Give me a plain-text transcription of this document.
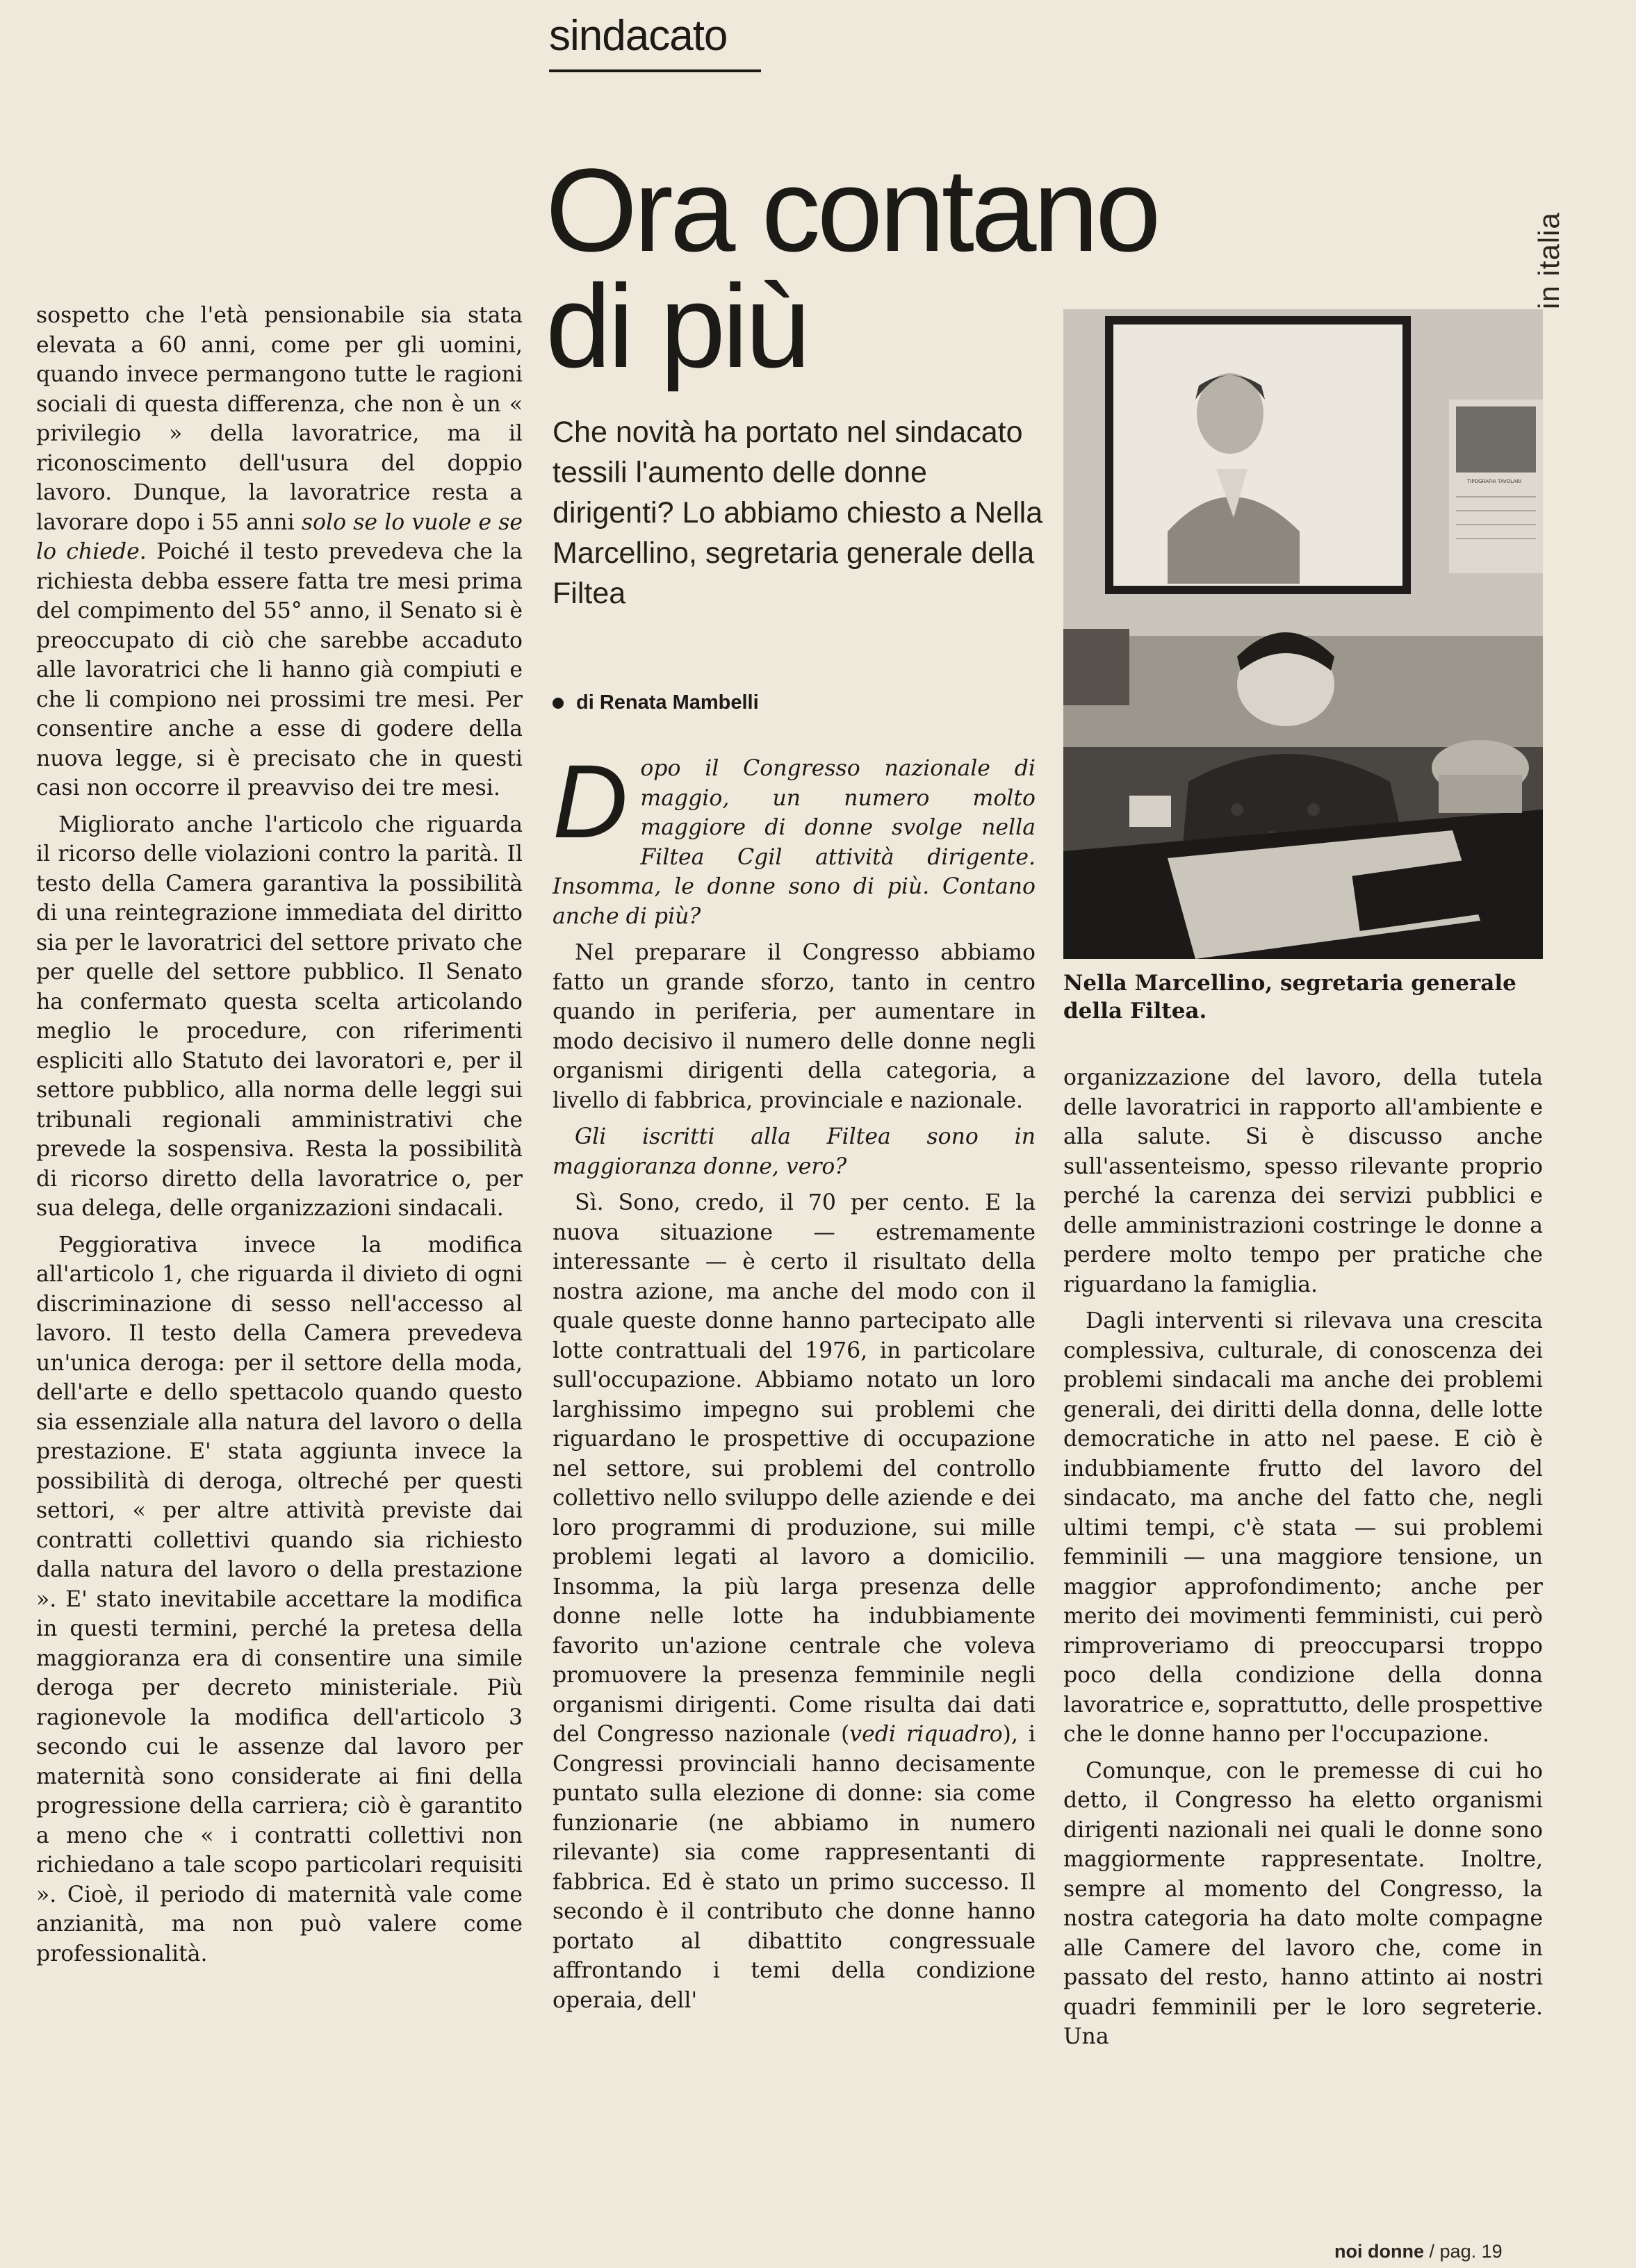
sindacato
Ora contano
di più
Che novità ha portato nel sindacato tessili l'aumento delle donne dirigenti? Lo abbiamo chiesto a Nella Marcellino, segretaria generale della Filtea
di Renata Mambelli
in italia

sospetto che l'età pensionabile sia stata elevata a 60 anni, come per gli uomini, quando invece permangono tutte le ragioni sociali di questa differenza, che non è un « privilegio » della lavoratrice, ma il riconoscimento dell'usura del doppio lavoro. Dunque, la lavoratrice resta a lavorare dopo i 55 anni solo se lo vuole e se lo chiede. Poiché il testo prevedeva che la richiesta debba essere fatta tre mesi prima del compimento del 55° anno, il Senato si è preoccupato di ciò che sarebbe accaduto alle lavoratrici che li hanno già compiuti e che li compiono nei prossimi tre mesi. Per consentire anche a esse di godere della nuova legge, si è precisato che in questi casi non occorre il preavviso dei tre mesi.

Migliorato anche l'articolo che riguarda il ricorso delle violazioni contro la parità. Il testo della Camera garantiva la possibilità di una reintegrazione immediata del diritto sia per le lavoratrici del settore privato che per quelle del settore pubblico. Il Senato ha confermato questa scelta articolando meglio le procedure, con riferimenti espliciti allo Statuto dei lavoratori e, per il settore pubblico, alla norma delle leggi sui tribunali regionali amministrativi che prevede la sospensiva. Resta la possibilità di ricorso diretto della lavoratrice o, per sua delega, delle organizzazioni sindacali.

Peggiorativa invece la modifica all'articolo 1, che riguarda il divieto di ogni discriminazione di sesso nell'accesso al lavoro. Il testo della Camera prevedeva un'unica deroga: per il settore della moda, dell'arte e dello spettacolo quando questo sia essenziale alla natura del lavoro o della prestazione. E' stata aggiunta invece la possibilità di deroga, oltreché per questi settori, « per altre attività previste dai contratti collettivi quando sia richiesto dalla natura del lavoro o della prestazione ». E' stato inevitabile accettare la modifica in questi termini, perché la pretesa della maggioranza era di consentire una simile deroga per decreto ministeriale. Più ragionevole la modifica dell'articolo 3 secondo cui le assenze dal lavoro per maternità sono considerate ai fini della progressione della carriera; ciò è garantito a meno che « i contratti collettivi non richiedano a tale scopo particolari requisiti ». Cioè, il periodo di maternità vale come anzianità, ma non può valere come professionalità.

Dopo il Congresso nazionale di maggio, un numero molto maggiore di donne svolge nella Filtea Cgil attività dirigente. Insomma, le donne sono di più. Contano anche di più?

Nel preparare il Congresso abbiamo fatto un grande sforzo, tanto in centro quando in periferia, per aumentare in modo decisivo il numero delle donne negli organismi dirigenti della categoria, a livello di fabbrica, provinciale e nazionale.

Gli iscritti alla Filtea sono in maggioranza donne, vero?

Sì. Sono, credo, il 70 per cento. E la nuova situazione — estremamente interessante — è certo il risultato della nostra azione, ma anche del modo con il quale queste donne hanno partecipato alle lotte contrattuali del 1976, in particolare sull'occupazione. Abbiamo notato un loro larghissimo impegno sui problemi che riguardano le prospettive di occupazione nel settore, sui problemi del controllo collettivo nello sviluppo delle aziende e dei loro programmi di produzione, sui mille problemi legati al lavoro a domicilio. Insomma, la più larga presenza delle donne nelle lotte ha indubbiamente favorito un'azione centrale che voleva promuovere la presenza femminile negli organismi dirigenti. Come risulta dai dati del Congresso nazionale (vedi riquadro), i Congressi provinciali hanno decisamente puntato sulla elezione di donne: sia come funzionarie (ne abbiamo in numero rilevante) sia come rappresentanti di fabbrica. Ed è stato un primo successo. Il secondo è il contributo che donne hanno portato al dibattito congressuale affrontando i temi della condizione operaia, dell'

TIPOGRAFIA TAVOLARI
Nella Marcellino, segretaria generale della Filtea.

organizzazione del lavoro, della tutela delle lavoratrici in rapporto all'ambiente e alla salute. Si è discusso anche sull'assenteismo, spesso rilevante proprio perché la carenza dei servizi pubblici e delle amministrazioni costringe le donne a perdere molto tempo per pratiche che riguardano la famiglia.

Dagli interventi si rilevava una crescita complessiva, culturale, di conoscenza dei problemi sindacali ma anche dei problemi generali, dei diritti della donna, delle lotte democratiche in atto nel paese. E ciò è indubbiamente frutto del lavoro del sindacato, ma anche del fatto che, negli ultimi tempi, c'è stata — sui problemi femminili — una maggiore tensione, un maggior approfondimento; anche per merito dei movimenti femministi, cui però rimproveriamo di preoccuparsi troppo poco della condizione della donna lavoratrice e, soprattutto, delle prospettive che le donne hanno per l'occupazione.

Comunque, con le premesse di cui ho detto, il Congresso ha eletto organismi dirigenti nazionali nei quali le donne sono maggiormente rappresentate. Inoltre, sempre al momento del Congresso, la nostra categoria ha dato molte compagne alle Camere del lavoro che, come in passato del resto, hanno attinto ai nostri quadri femminili per le loro segreterie. Una

noi donne / pag. 19
